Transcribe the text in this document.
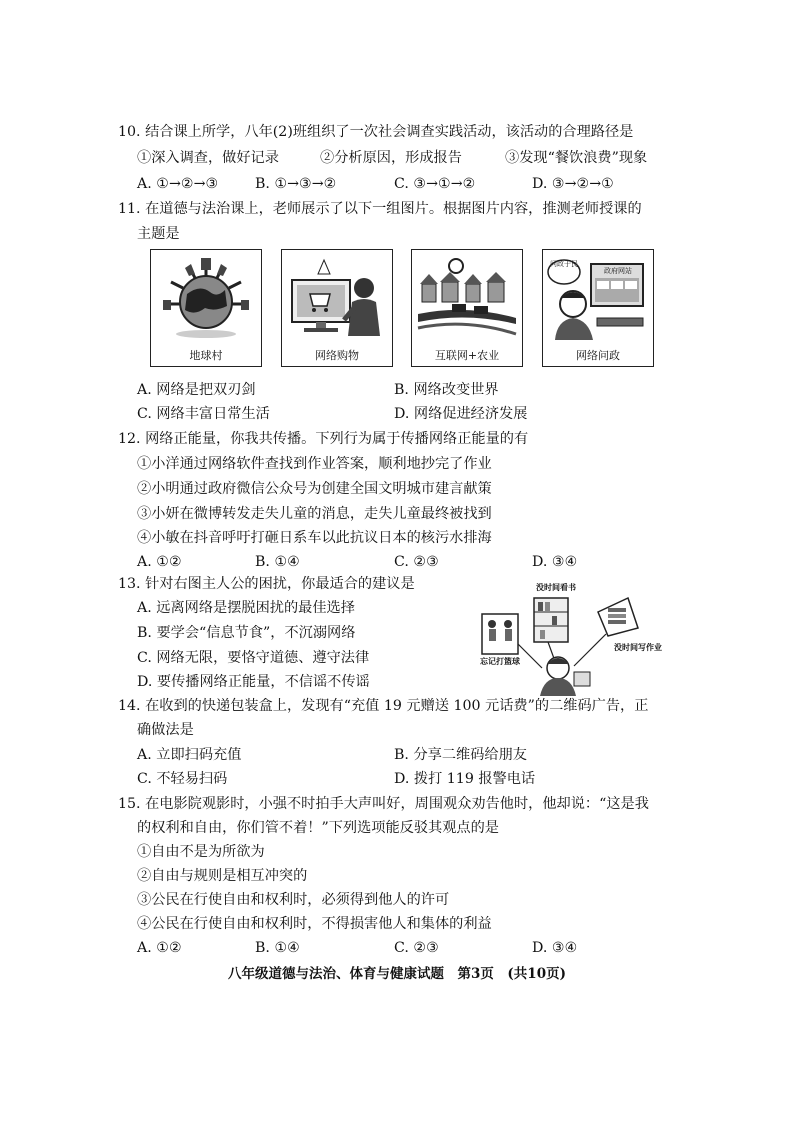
10. 结合课上所学，八年(2)班组织了一次社会调查实践活动，该活动的合理路径是
①深入调查，做好记录	②分析原因，形成报告	③发现“餐饮浪费”现象
A. ①→②→③	B. ①→③→②	C. ③→①→②	D. ③→②→①
11. 在道德与法治课上，老师展示了以下一组图片。根据图片内容，推测老师授课的
主题是
地球村	网络购物	互联网+农业
问政于民
政府网站
网络问政
A. 网络是把双刃剑	B. 网络改变世界
C. 网络丰富日常生活	D. 网络促进经济发展
12. 网络正能量，你我共传播。下列行为属于传播网络正能量的有
①小洋通过网络软件查找到作业答案，顺利地抄完了作业
②小明通过政府微信公众号为创建全国文明城市建言献策
③小妍在微博转发走失儿童的消息，走失儿童最终被找到
④小敏在抖音呼吁打砸日系车以此抗议日本的核污水排海
A. ①②	B. ①④	C. ②③	D. ③④
13. 针对右图主人公的困扰，你最适合的建议是
A. 远离网络是摆脱困扰的最佳选择
B. 要学会“信息节食”，不沉溺网络
C. 网络无限，要恪守道德、遵守法律
D. 要传播网络正能量，不信谣不传谣
没时间看书
忘记打篮球
没时间写作业
14. 在收到的快递包装盒上，发现有“充值 19 元赠送 100 元话费”的二维码广告，正
确做法是
A. 立即扫码充值	B. 分享二维码给朋友
C. 不轻易扫码	D. 拨打 119 报警电话
15. 在电影院观影时，小强不时拍手大声叫好，周围观众劝告他时，他却说：“这是我
的权利和自由，你们管不着！”下列选项能反驳其观点的是
①自由不是为所欲为
②自由与规则是相互冲突的
③公民在行使自由和权利时，必须得到他人的许可
④公民在行使自由和权利时，不得损害他人和集体的利益
A. ①②	B. ①④	C. ②③	D. ③④
八年级道德与法治、体育与健康试题　第3页　(共10页)
